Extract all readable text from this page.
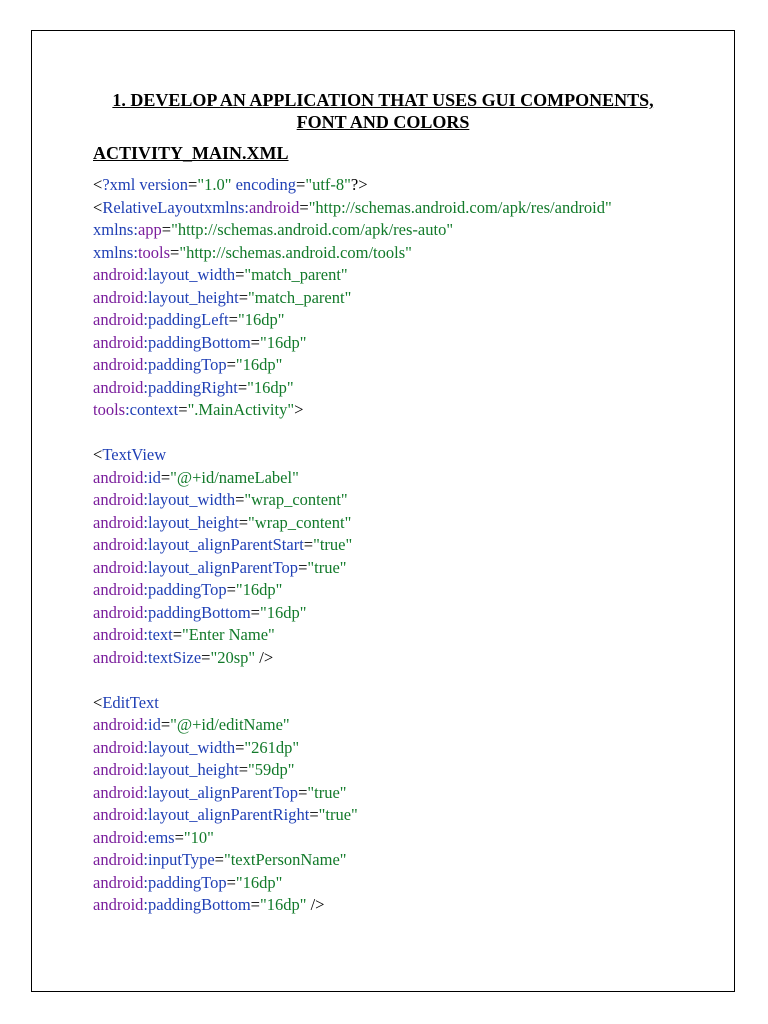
1. DEVELOP AN APPLICATION THAT USES GUI COMPONENTS,
FONT AND COLORS
ACTIVITY_MAIN.XML
<?xml version="1.0" encoding="utf-8"?>
<RelativeLayoutxmlns:android="http://schemas.android.com/apk/res/android"
xmlns:app="http://schemas.android.com/apk/res-auto"
xmlns:tools="http://schemas.android.com/tools"
android:layout_width="match_parent"
android:layout_height="match_parent"
android:paddingLeft="16dp"
android:paddingBottom="16dp"
android:paddingTop="16dp"
android:paddingRight="16dp"
tools:context=".MainActivity">
<TextView
android:id="@+id/nameLabel"
android:layout_width="wrap_content"
android:layout_height="wrap_content"
android:layout_alignParentStart="true"
android:layout_alignParentTop="true"
android:paddingTop="16dp"
android:paddingBottom="16dp"
android:text="Enter Name"
android:textSize="20sp" />
<EditText
android:id="@+id/editName"
android:layout_width="261dp"
android:layout_height="59dp"
android:layout_alignParentTop="true"
android:layout_alignParentRight="true"
android:ems="10"
android:inputType="textPersonName"
android:paddingTop="16dp"
android:paddingBottom="16dp" />
